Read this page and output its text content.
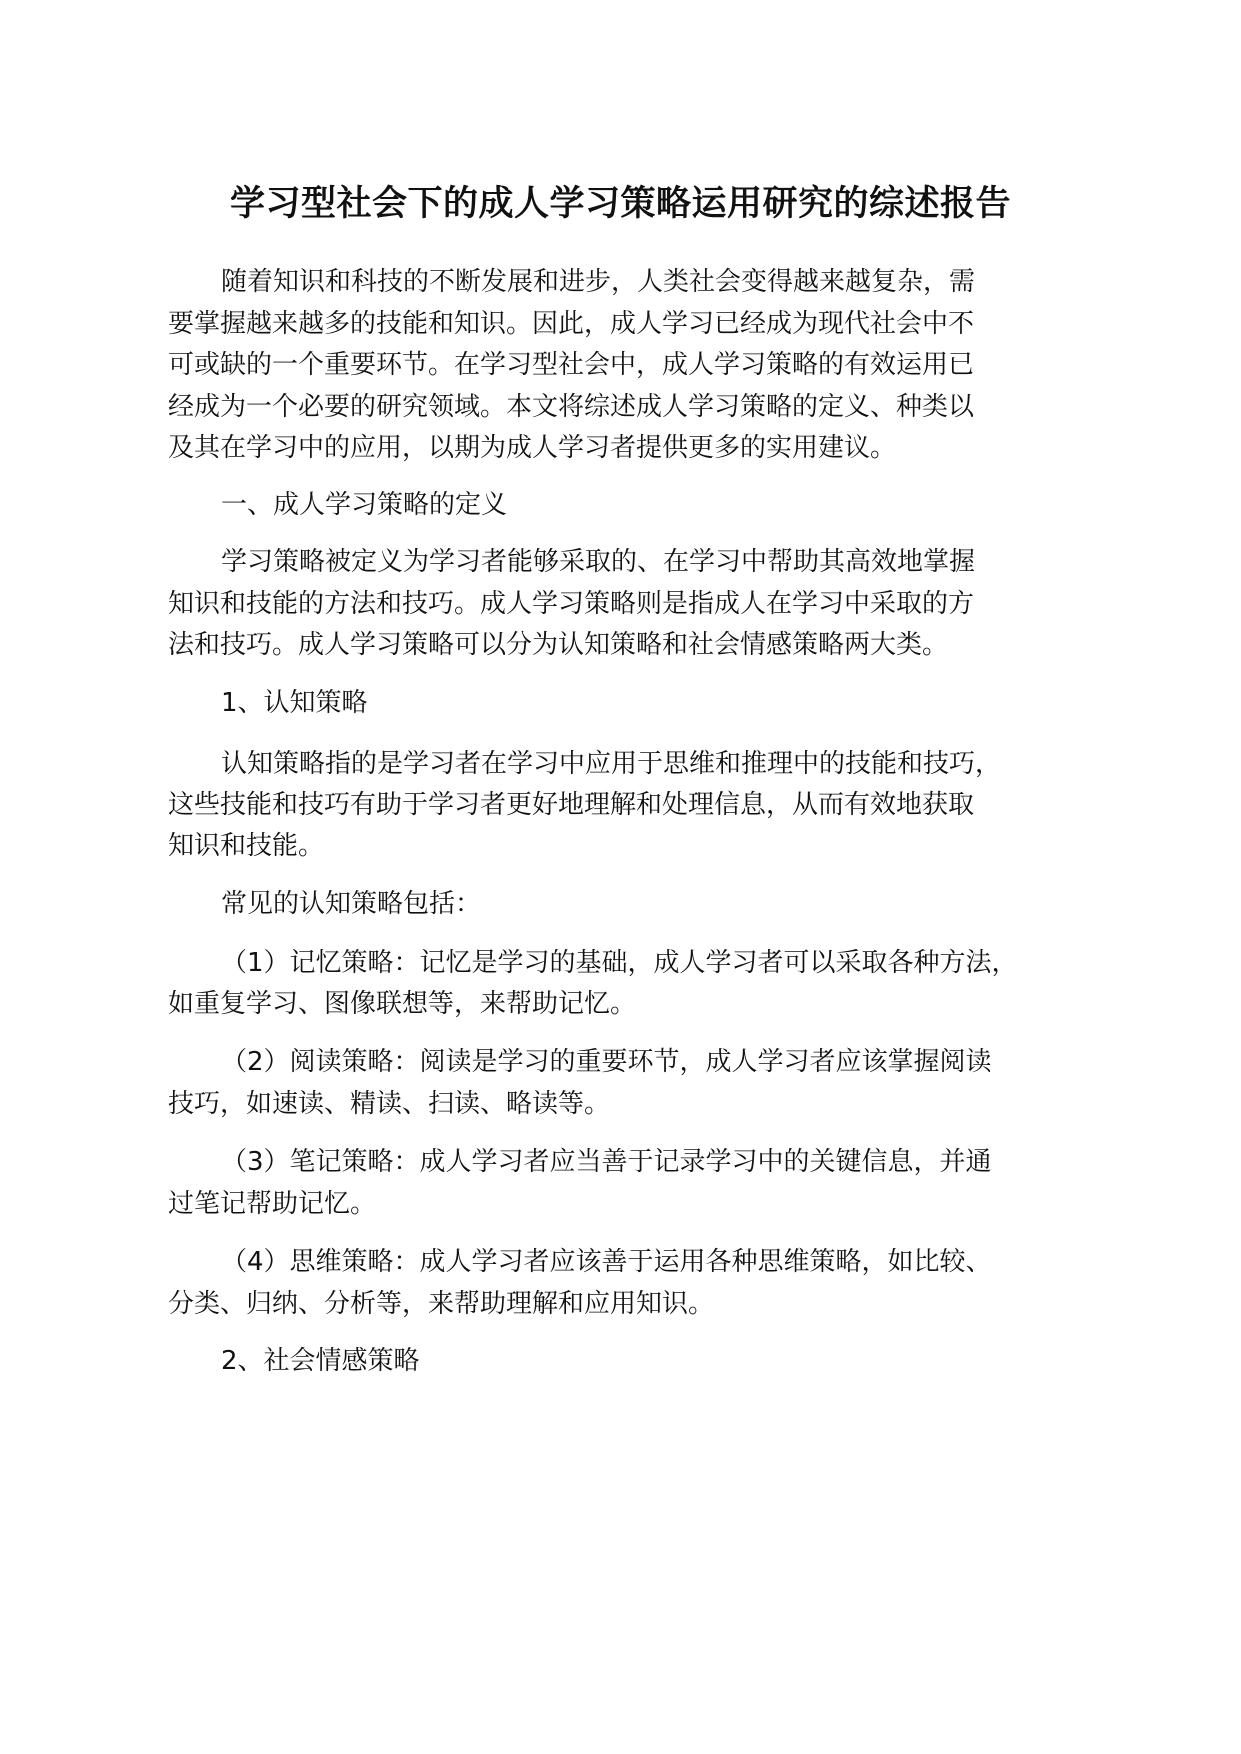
学习型社会下的成人学习策略运用研究的综述报告

随着知识和科技的不断发展和进步，人类社会变得越来越复杂，需

要掌握越来越多的技能和知识。因此，成人学习已经成为现代社会中不

可或缺的一个重要环节。在学习型社会中，成人学习策略的有效运用已

经成为一个必要的研究领域。本文将综述成人学习策略的定义、种类以

及其在学习中的应用，以期为成人学习者提供更多的实用建议。

一、成人学习策略的定义

学习策略被定义为学习者能够采取的、在学习中帮助其高效地掌握

知识和技能的方法和技巧。成人学习策略则是指成人在学习中采取的方

法和技巧。成人学习策略可以分为认知策略和社会情感策略两大类。

1、认知策略

认知策略指的是学习者在学习中应用于思维和推理中的技能和技巧，

这些技能和技巧有助于学习者更好地理解和处理信息，从而有效地获取

知识和技能。

常见的认知策略包括：

（1）记忆策略：记忆是学习的基础，成人学习者可以采取各种方法，

如重复学习、图像联想等，来帮助记忆。

（2）阅读策略：阅读是学习的重要环节，成人学习者应该掌握阅读

技巧，如速读、精读、扫读、略读等。

（3）笔记策略：成人学习者应当善于记录学习中的关键信息，并通

过笔记帮助记忆。

（4）思维策略：成人学习者应该善于运用各种思维策略，如比较、

分类、归纳、分析等，来帮助理解和应用知识。

2、社会情感策略
